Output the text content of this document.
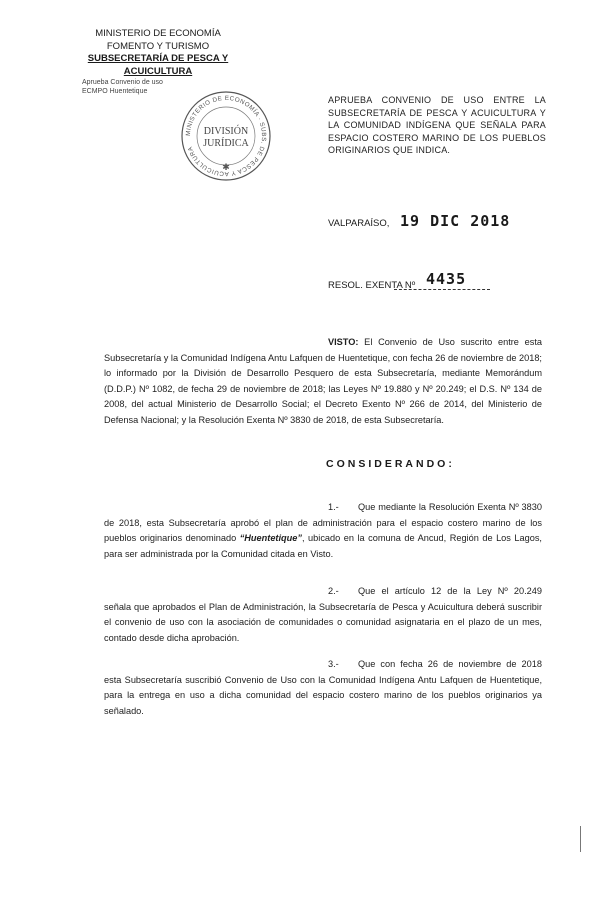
MINISTERIO DE ECONOMÍA
FOMENTO Y TURISMO
SUBSECRETARÍA DE PESCA Y ACUICULTURA
Aprueba Convenio de uso
ECMPO Huentetique
MINISTERIO DE ECONOMÍA · SUBS. DE PESCA Y ACUICULTURA
DIVISIÓN
JURÍDICA
✱
APRUEBA CONVENIO DE USO ENTRE LA SUBSECRETARÍA DE PESCA Y ACUICULTURA Y LA COMUNIDAD INDÍGENA QUE SEÑALA PARA ESPACIO COSTERO MARINO DE LOS PUEBLOS ORIGINARIOS QUE INDICA.
VALPARAÍSO, 19 DIC 2018
RESOL. EXENTA Nº 4435
VISTO: El Convenio de Uso suscrito entre esta Subsecretaría y la Comunidad Indígena Antu Lafquen de Huentetique, con fecha 26 de noviembre de 2018; lo informado por la División de Desarrollo Pesquero de esta Subsecretaría, mediante Memorándum (D.D.P.) Nº 1082, de fecha 29 de noviembre de 2018; las Leyes Nº 19.880 y Nº 20.249; el D.S. Nº 134 de 2008, del actual Ministerio de Desarrollo Social; el Decreto Exento Nº 266 de 2014, del Ministerio de Defensa Nacional; y la Resolución Exenta Nº 3830 de 2018, de esta Subsecretaría.
CONSIDERANDO:
1.- Que mediante la Resolución Exenta Nº 3830 de 2018, esta Subsecretaría aprobó el plan de administración para el espacio costero marino de los pueblos originarios denominado “Huentetique”, ubicado en la comuna de Ancud, Región de Los Lagos, para ser administrada por la Comunidad citada en Visto.
2.- Que el artículo 12 de la Ley Nº 20.249 señala que aprobados el Plan de Administración, la Subsecretaría de Pesca y Acuicultura deberá suscribir el convenio de uso con la asociación de comunidades o comunidad asignataria en el plazo de un mes, contado desde dicha aprobación.
3.- Que con fecha 26 de noviembre de 2018 esta Subsecretaría suscribió Convenio de Uso con la Comunidad Indígena Antu Lafquen de Huentetique, para la entrega en uso a dicha comunidad del espacio costero marino de los pueblos originarios ya señalado.
